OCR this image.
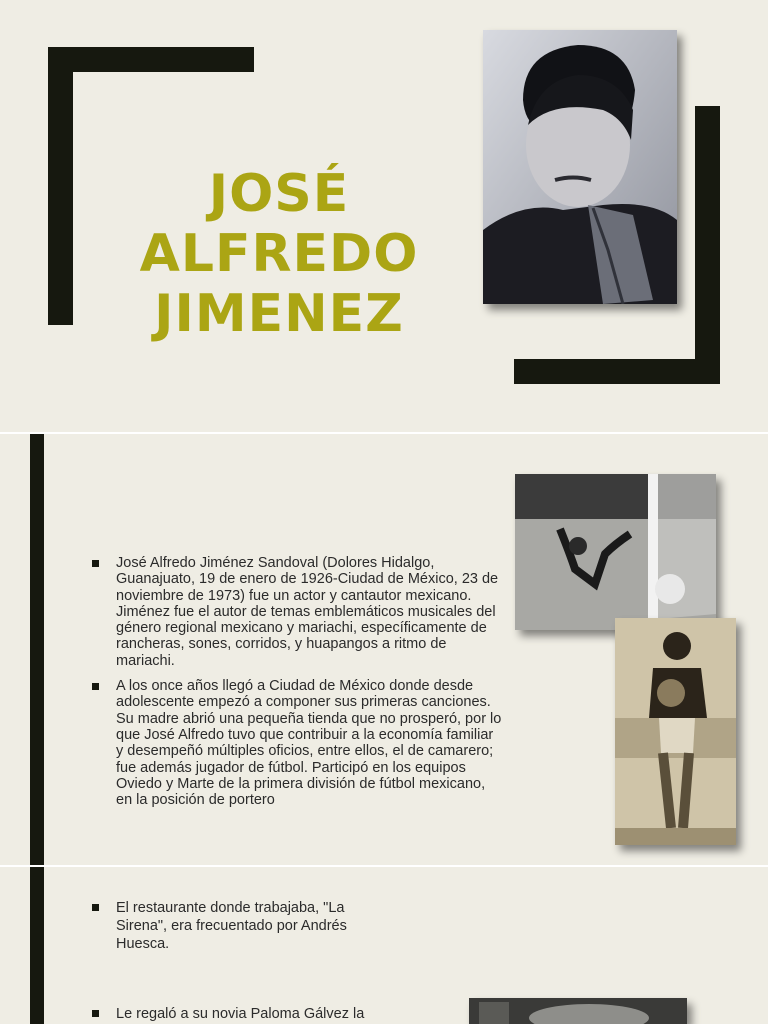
JOSÉ ALFREDO
JIMENEZ
José Alfredo Jiménez Sandoval (Dolores Hidalgo, Guanajuato, 19 de enero de 1926-Ciudad de México, 23 de noviembre de 1973) fue un actor y cantautor mexicano. Jiménez fue el autor de temas emblemáticos musicales del género regional mexicano y mariachi, específicamente de rancheras, sones, corridos, y huapangos a ritmo de mariachi.
A los once años llegó a Ciudad de México donde desde adolescente empezó a componer sus primeras canciones. Su madre abrió una pequeña tienda que no prosperó, por lo que José Alfredo tuvo que contribuir a la economía familiar y desempeñó múltiples oficios, entre ellos, el de camarero; fue además jugador de fútbol. Participó en los equipos Oviedo y Marte de la primera división de fútbol mexicano, en la posición de portero
El restaurante donde trabajaba, "La Sirena", era frecuentado por Andrés Huesca.
Le regaló a su novia Paloma Gálvez la
